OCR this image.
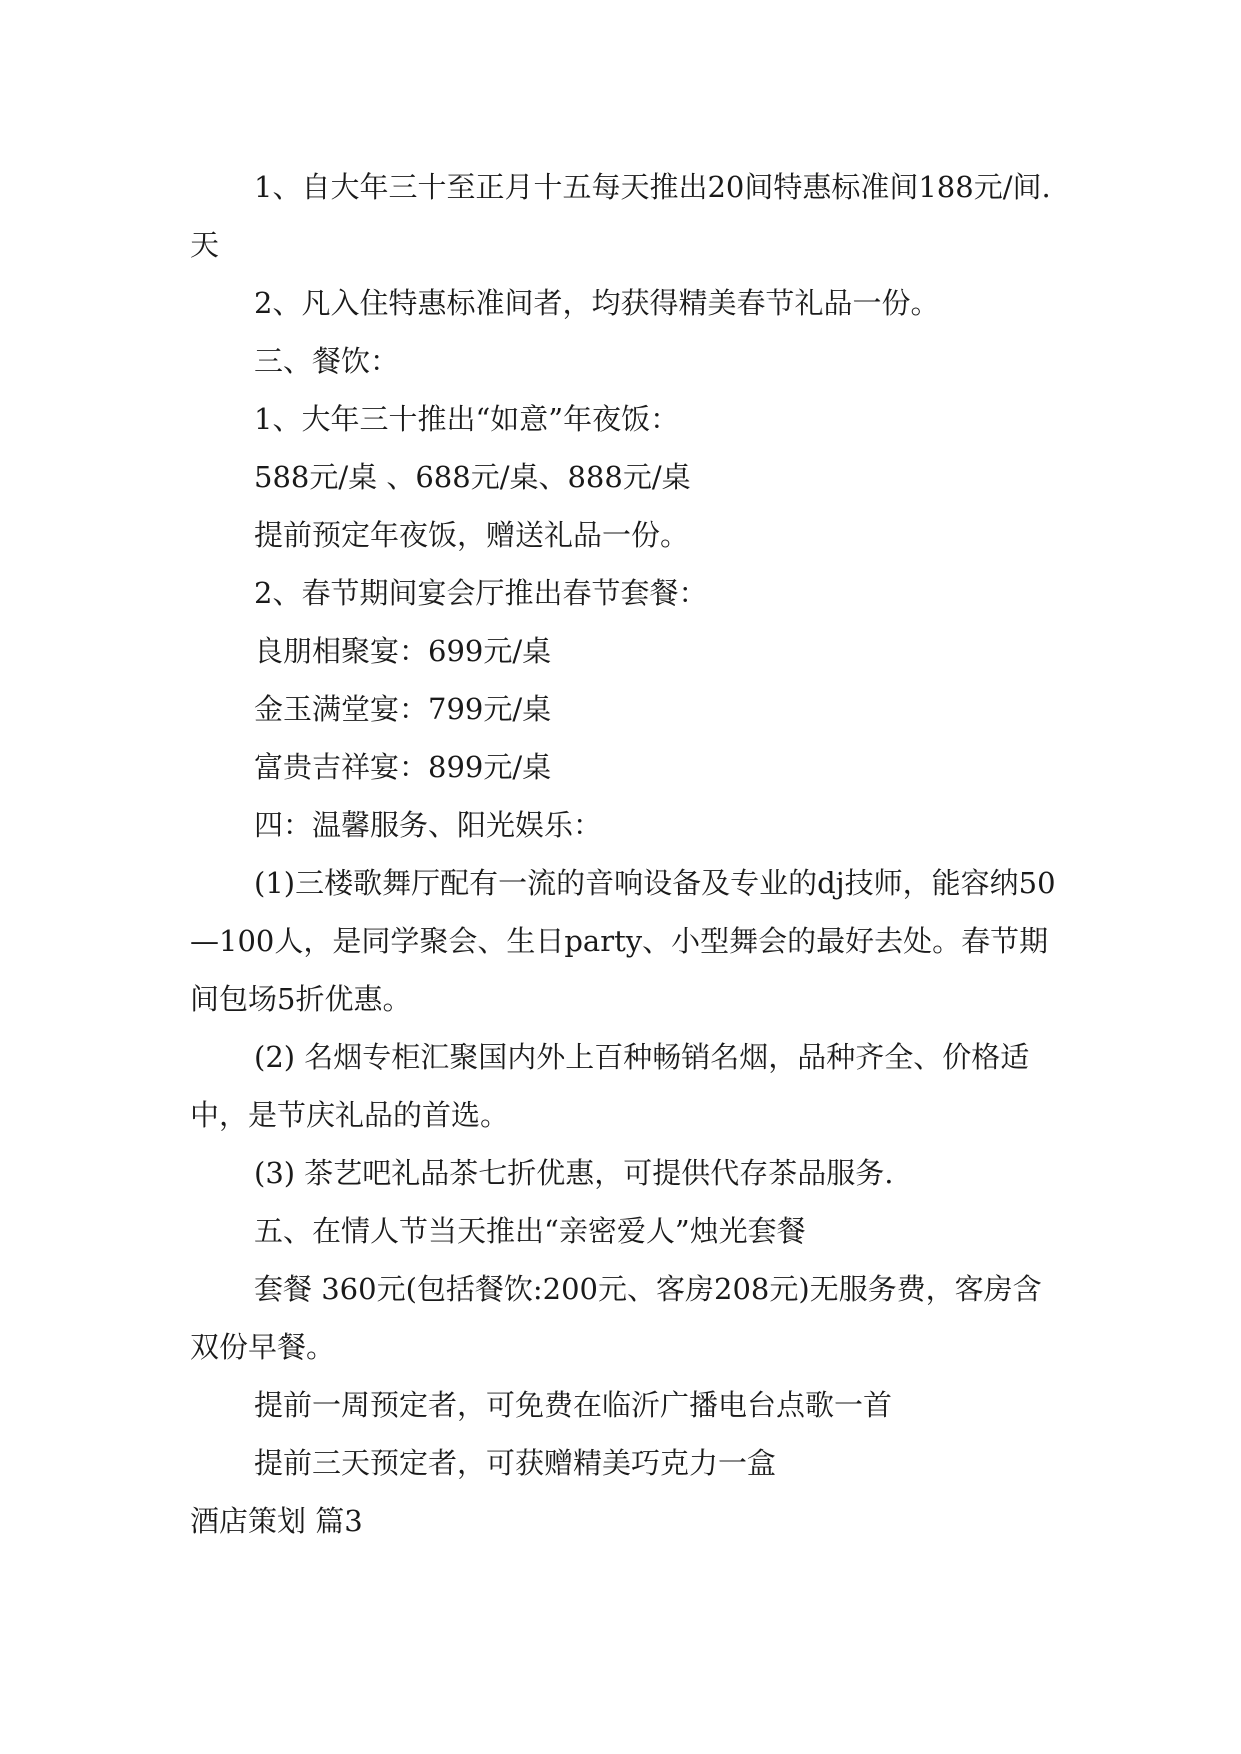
1、自大年三十至正月十五每天推出20间特惠标准间188元/间.天

2、凡入住特惠标准间者，均获得精美春节礼品一份。

三、餐饮：

1、大年三十推出“如意”年夜饭：

588元/桌 、688元/桌、888元/桌

提前预定年夜饭，赠送礼品一份。

2、春节期间宴会厅推出春节套餐：

良朋相聚宴：699元/桌

金玉满堂宴：799元/桌

富贵吉祥宴：899元/桌

四：温馨服务、阳光娱乐：

(1)三楼歌舞厅配有一流的音响设备及专业的dj技师，能容纳50—100人，是同学聚会、生日party、小型舞会的最好去处。春节期间包场5折优惠。

(2) 名烟专柜汇聚国内外上百种畅销名烟，品种齐全、价格适中，是节庆礼品的首选。

(3) 茶艺吧礼品茶七折优惠，可提供代存茶品服务.

五、在情人节当天推出“亲密爱人”烛光套餐

套餐 360元(包括餐饮:200元、客房208元)无服务费，客房含双份早餐。

提前一周预定者，可免费在临沂广播电台点歌一首

提前三天预定者，可获赠精美巧克力一盒

酒店策划 篇3
